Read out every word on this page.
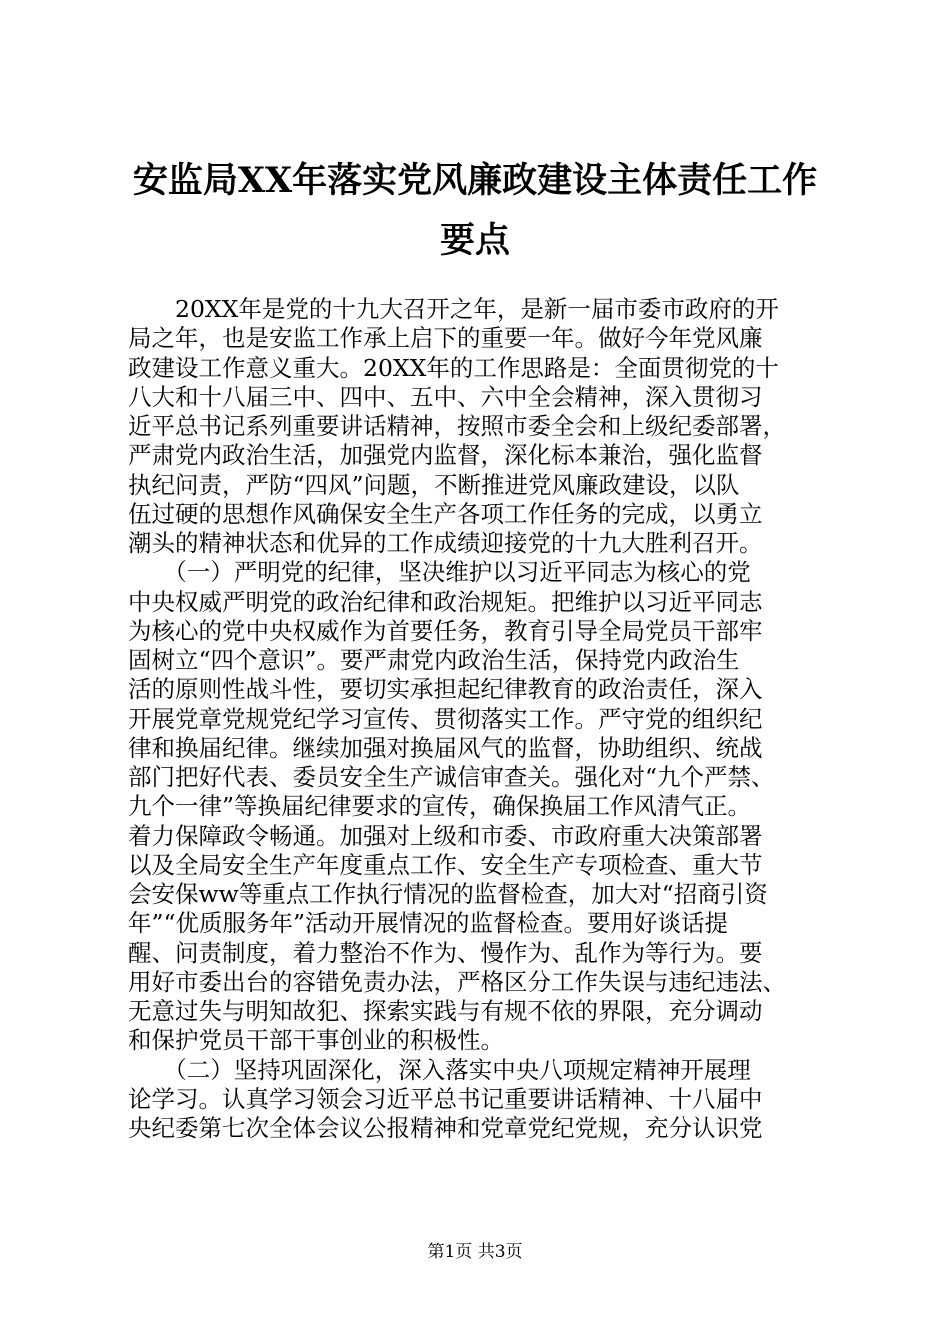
安监局XX年落实党风廉政建设主体责任工作
要点
　　20XX年是党的十九大召开之年，是新一届市委市政府的开
局之年，也是安监工作承上启下的重要一年。做好今年党风廉
政建设工作意义重大。20XX年的工作思路是：全面贯彻党的十
八大和十八届三中、四中、五中、六中全会精神，深入贯彻习
近平总书记系列重要讲话精神，按照市委全会和上级纪委部署，
严肃党内政治生活，加强党内监督，深化标本兼治，强化监督
执纪问责，严防“四风”问题，不断推进党风廉政建设，以队
伍过硬的思想作风确保安全生产各项工作任务的完成，以勇立
潮头的精神状态和优异的工作成绩迎接党的十九大胜利召开。
　　（一）严明党的纪律，坚决维护以习近平同志为核心的党
中央权威严明党的政治纪律和政治规矩。把维护以习近平同志
为核心的党中央权威作为首要任务，教育引导全局党员干部牢
固树立“四个意识”。要严肃党内政治生活，保持党内政治生
活的原则性战斗性，要切实承担起纪律教育的政治责任，深入
开展党章党规党纪学习宣传、贯彻落实工作。严守党的组织纪
律和换届纪律。继续加强对换届风气的监督，协助组织、统战
部门把好代表、委员安全生产诚信审查关。强化对“九个严禁、
九个一律”等换届纪律要求的宣传，确保换届工作风清气正。
着力保障政令畅通。加强对上级和市委、市政府重大决策部署
以及全局安全生产年度重点工作、安全生产专项检查、重大节
会安保ww等重点工作执行情况的监督检查，加大对“招商引资
年”“优质服务年”活动开展情况的监督检查。要用好谈话提
醒、问责制度，着力整治不作为、慢作为、乱作为等行为。要
用好市委出台的容错免责办法，严格区分工作失误与违纪违法、
无意过失与明知故犯、探索实践与有规不依的界限，充分调动
和保护党员干部干事创业的积极性。
　　（二）坚持巩固深化，深入落实中央八项规定精神开展理
论学习。认真学习领会习近平总书记重要讲话精神、十八届中
央纪委第七次全体会议公报精神和党章党纪党规，充分认识党
第1页 共3页
